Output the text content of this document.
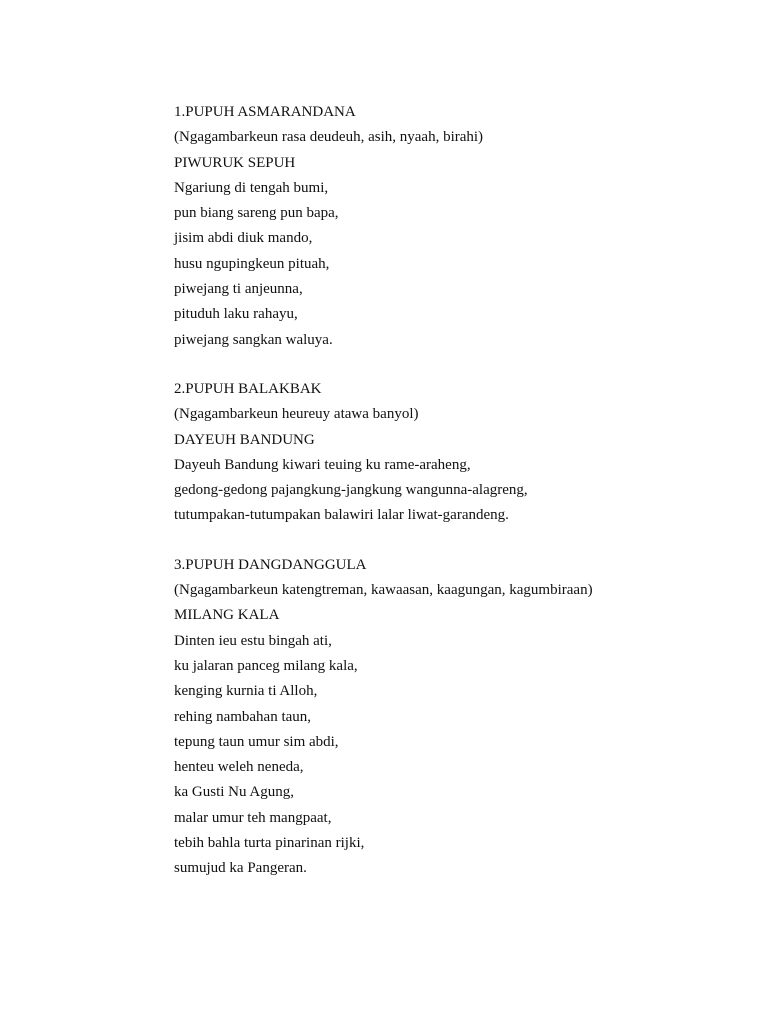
1.PUPUH ASMARANDANA

(Ngagambarkeun rasa deudeuh, asih, nyaah, birahi)

PIWURUK SEPUH

Ngariung di tengah bumi,

pun biang sareng pun bapa,

jisim abdi diuk mando,

husu ngupingkeun pituah,

piwejang ti anjeunna,

pituduh laku rahayu,

piwejang sangkan waluya.

2.PUPUH BALAKBAK

(Ngagambarkeun heureuy atawa banyol)

DAYEUH BANDUNG

Dayeuh Bandung kiwari teuing ku rame-araheng,

gedong-gedong pajangkung-jangkung wangunna-alagreng,

tutumpakan-tutumpakan balawiri lalar liwat-garandeng.

3.PUPUH DANGDANGGULA

(Ngagambarkeun katengtreman, kawaasan, kaagungan, kagumbiraan)

MILANG KALA

Dinten ieu estu bingah ati,

ku jalaran panceg milang kala,

kenging kurnia ti Alloh,

rehing nambahan taun,

tepung taun umur sim abdi,

henteu weleh neneda,

ka Gusti Nu Agung,

malar umur teh mangpaat,

tebih bahla turta pinarinan rijki,

sumujud ka Pangeran.
